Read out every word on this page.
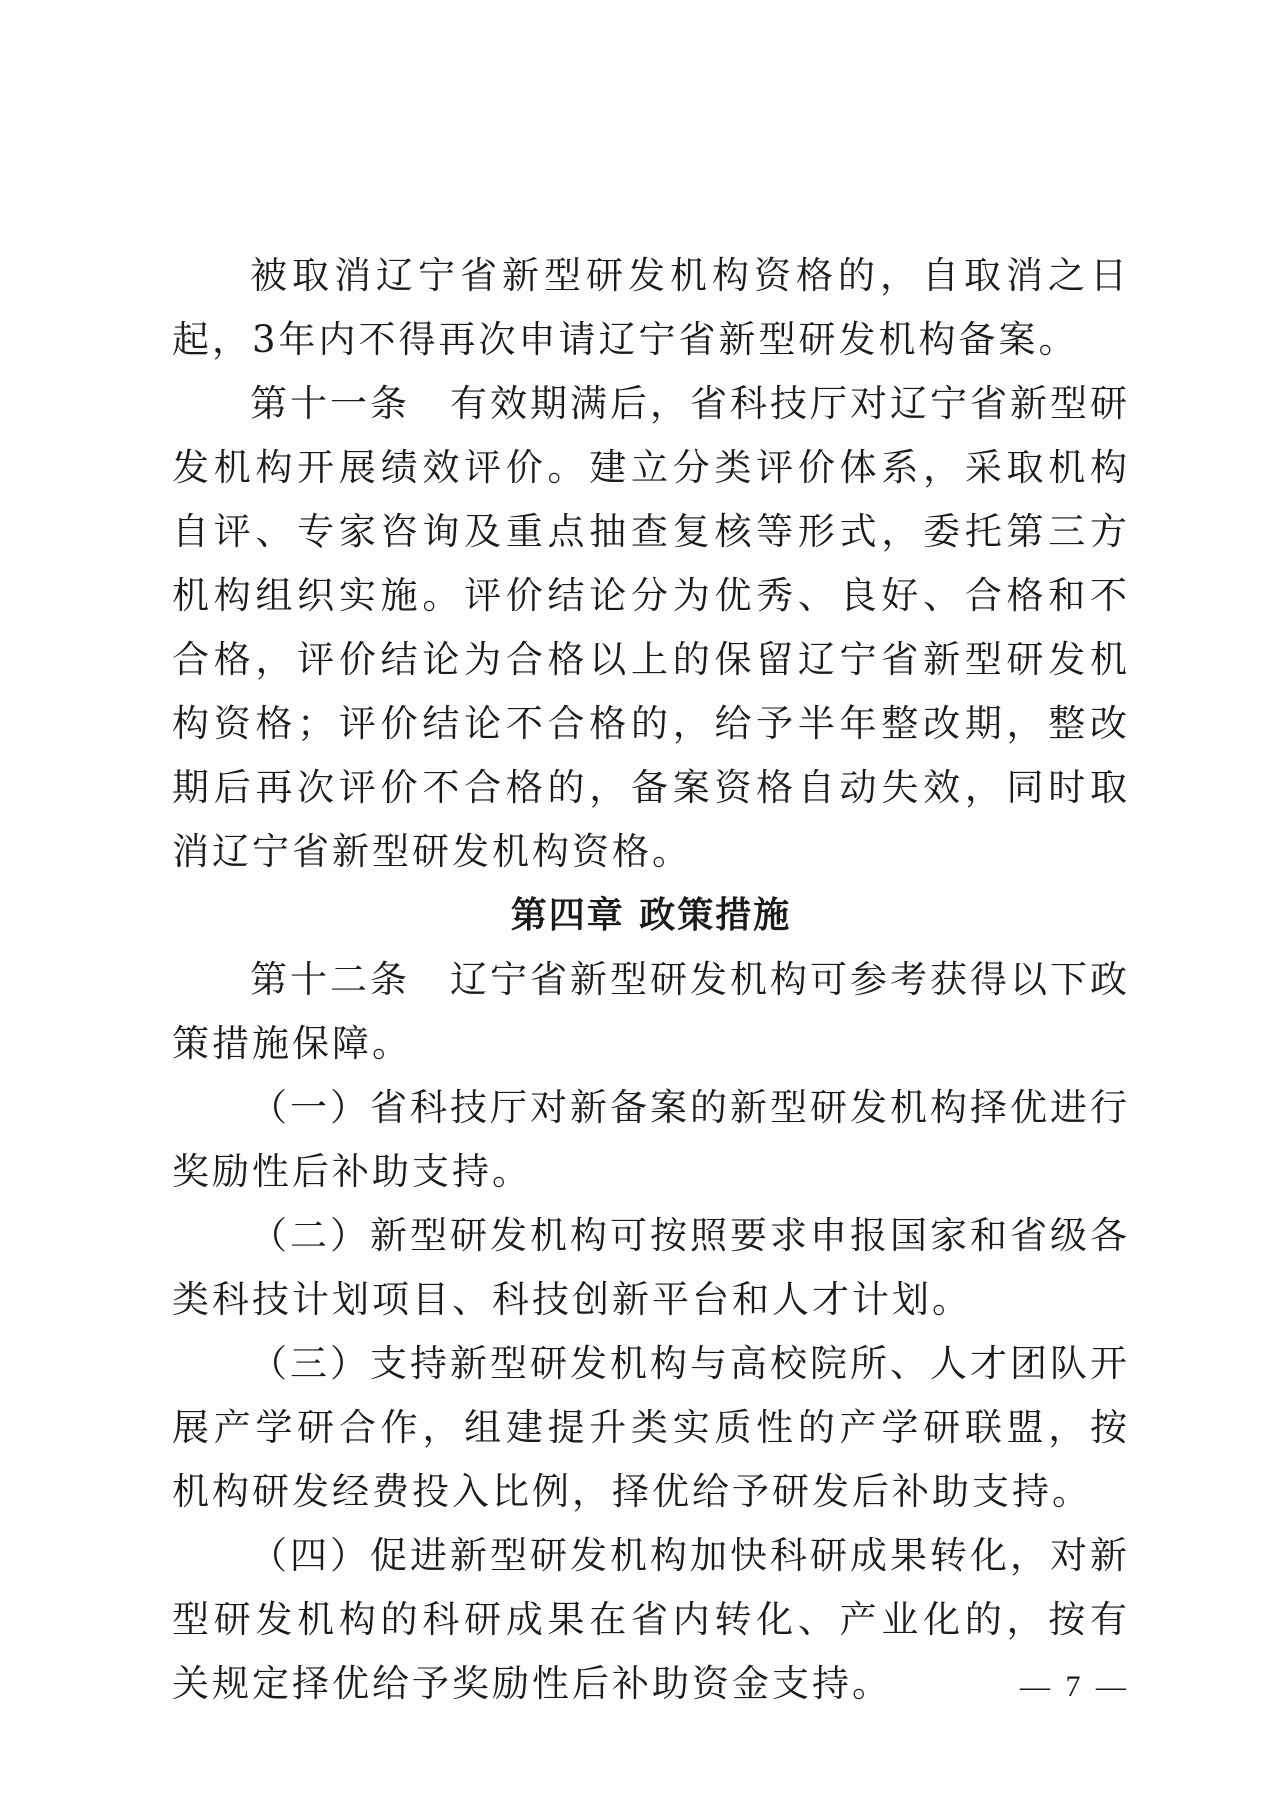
被取消辽宁省新型研发机构资格的，自取消之日起，3年内不得再次申请辽宁省新型研发机构备案。

第十一条　有效期满后，省科技厅对辽宁省新型研发机构开展绩效评价。建立分类评价体系，采取机构自评、专家咨询及重点抽查复核等形式，委托第三方机构组织实施。评价结论分为优秀、良好、合格和不合格，评价结论为合格以上的保留辽宁省新型研发机构资格；评价结论不合格的，给予半年整改期，整改期后再次评价不合格的，备案资格自动失效，同时取消辽宁省新型研发机构资格。

第四章 政策措施

第十二条　辽宁省新型研发机构可参考获得以下政策措施保障。

（一）省科技厅对新备案的新型研发机构择优进行奖励性后补助支持。

（二）新型研发机构可按照要求申报国家和省级各类科技计划项目、科技创新平台和人才计划。

（三）支持新型研发机构与高校院所、人才团队开展产学研合作，组建提升类实质性的产学研联盟，按机构研发经费投入比例，择优给予研发后补助支持。

（四）促进新型研发机构加快科研成果转化，对新型研发机构的科研成果在省内转化、产业化的，按有关规定择优给予奖励性后补助资金支持。	— 7 —
